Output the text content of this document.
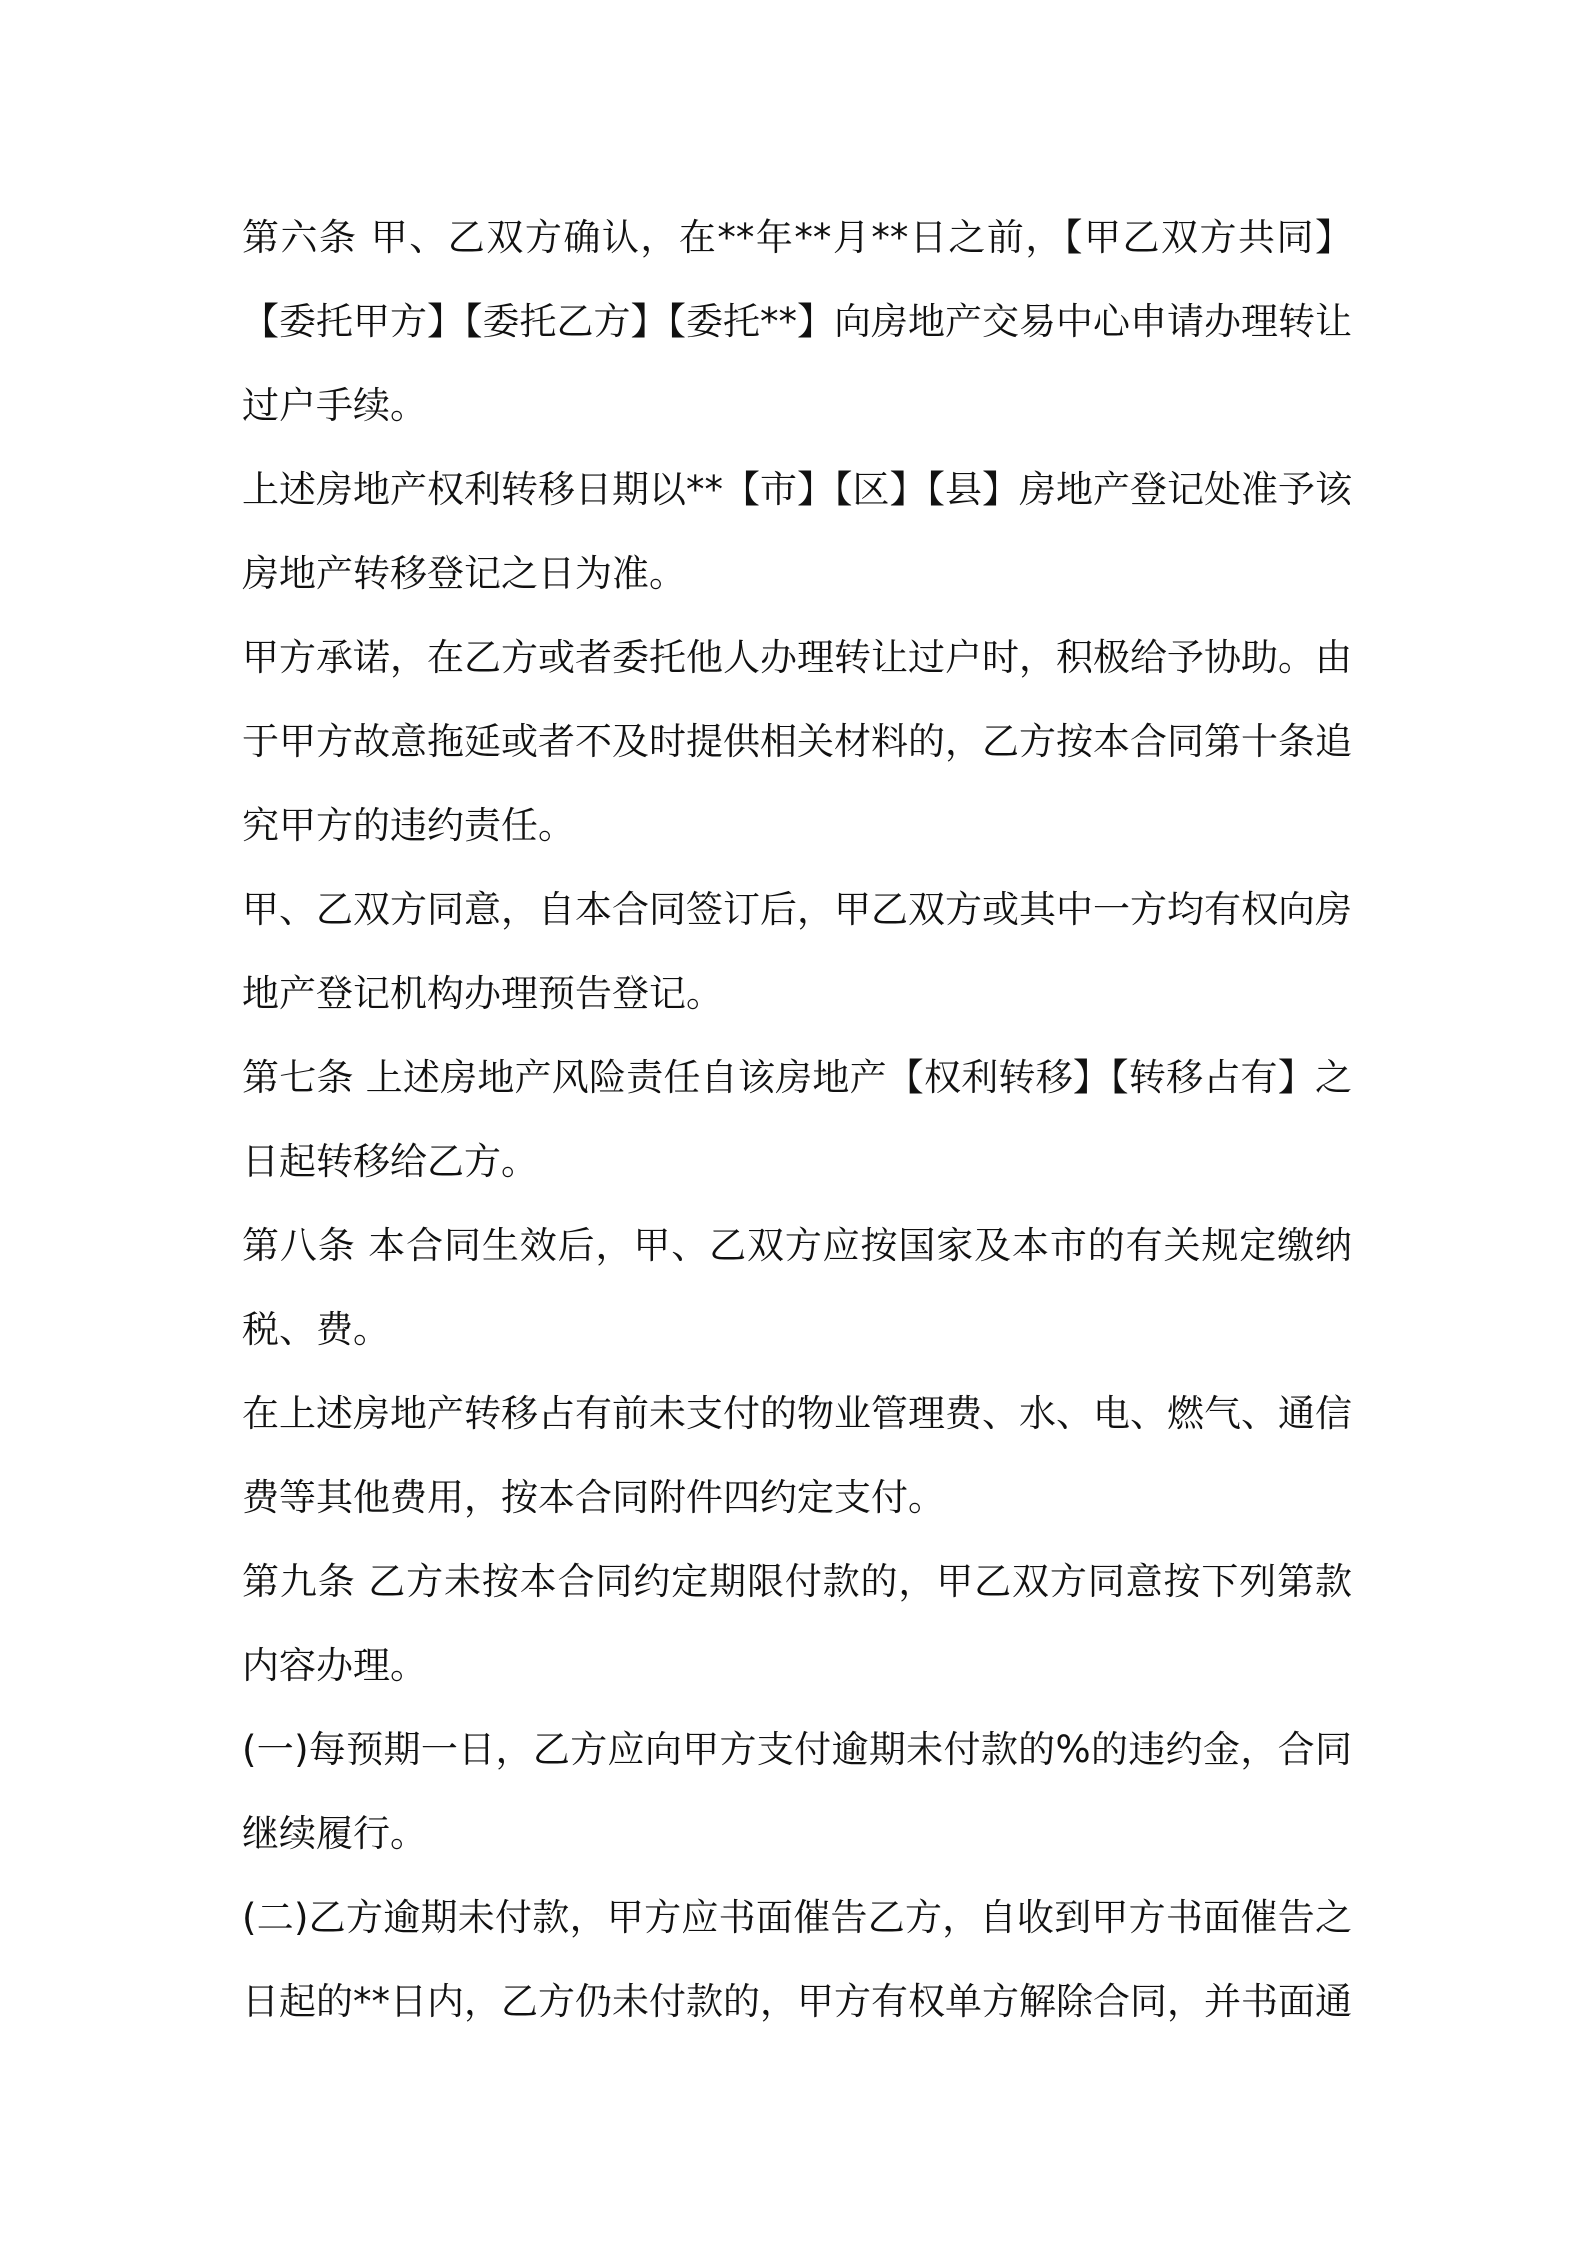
第六条 甲、乙双方确认，在**年**月**日之前，【甲乙双方共同】【委托甲方】【委托乙方】【委托**】向房地产交易中心申请办理转让过户手续。

上述房地产权利转移日期以**【市】【区】【县】房地产登记处准予该房地产转移登记之日为准。

甲方承诺，在乙方或者委托他人办理转让过户时，积极给予协助。由于甲方故意拖延或者不及时提供相关材料的，乙方按本合同第十条追究甲方的违约责任。

甲、乙双方同意，自本合同签订后，甲乙双方或其中一方均有权向房地产登记机构办理预告登记。

第七条 上述房地产风险责任自该房地产【权利转移】【转移占有】之日起转移给乙方。

第八条 本合同生效后，甲、乙双方应按国家及本市的有关规定缴纳税、费。

在上述房地产转移占有前未支付的物业管理费、水、电、燃气、通信费等其他费用，按本合同附件四约定支付。

第九条 乙方未按本合同约定期限付款的，甲乙双方同意按下列第款内容办理。

(一)每预期一日，乙方应向甲方支付逾期未付款的%的违约金，合同继续履行。

(二)乙方逾期未付款，甲方应书面催告乙方，自收到甲方书面催告之日起的**日内，乙方仍未付款的，甲方有权单方解除合同，并书面通
